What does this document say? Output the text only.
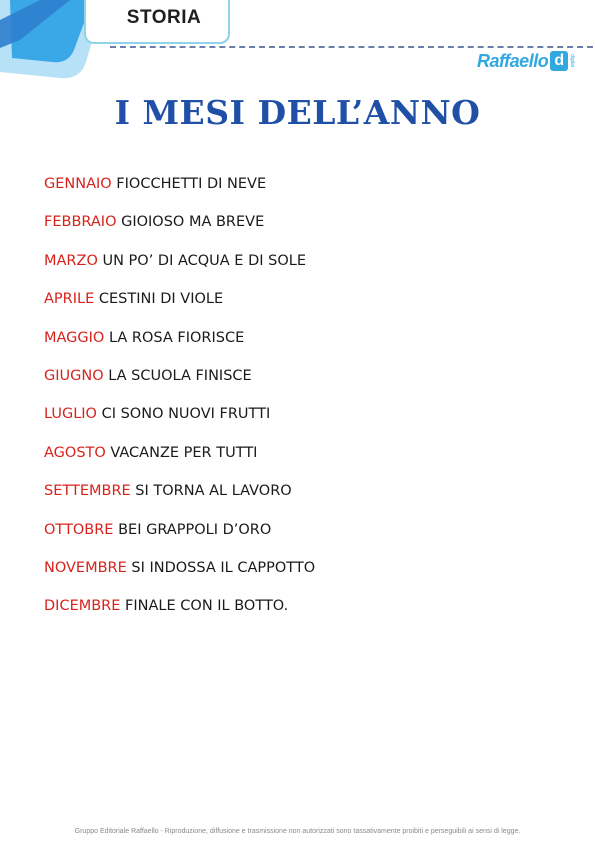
STORIA
Raffaello d	digital
I MESI DELL’ANNO
GENNAIO FIOCCHETTI DI NEVE
FEBBRAIO GIOIOSO MA BREVE
MARZO UN PO’ DI ACQUA E DI SOLE
APRILE CESTINI DI VIOLE
MAGGIO LA ROSA FIORISCE
GIUGNO LA SCUOLA FINISCE
LUGLIO CI SONO NUOVI FRUTTI
AGOSTO VACANZE PER TUTTI
SETTEMBRE SI TORNA AL LAVORO
OTTOBRE BEI GRAPPOLI D’ORO
NOVEMBRE SI INDOSSA IL CAPPOTTO
DICEMBRE FINALE CON IL BOTTO.
Gruppo Editoriale Raffaello - Riproduzione, diffusione e trasmissione non autorizzati sono tassativamente proibiti e perseguibili ai sensi di legge.
